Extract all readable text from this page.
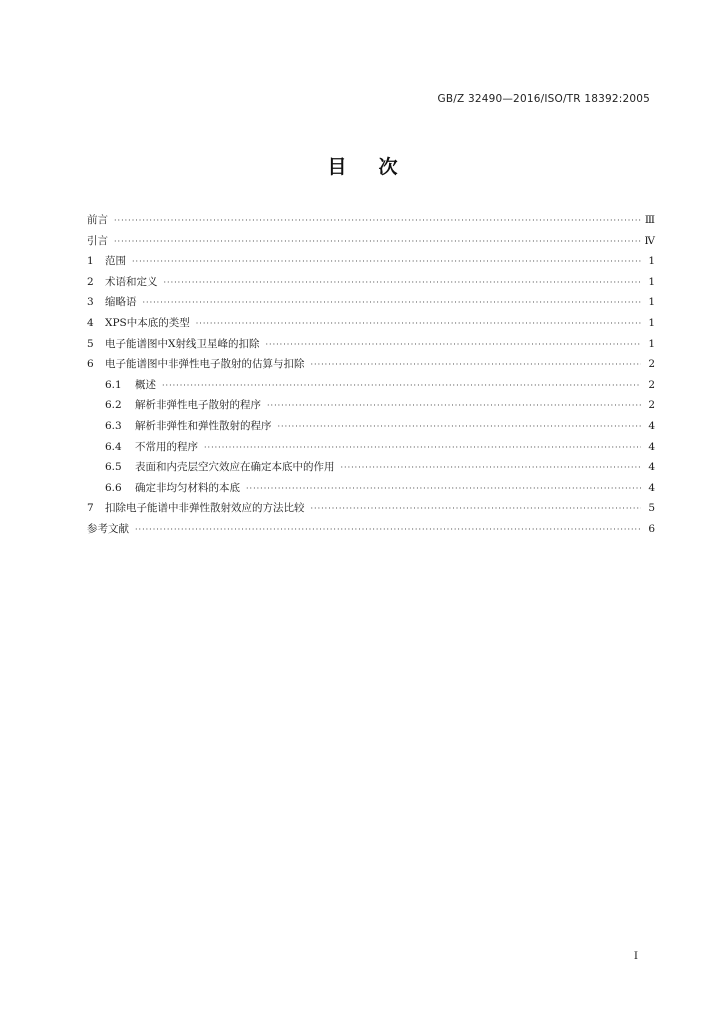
GB/Z 32490—2016/ISO/TR 18392:2005
目次
前言 ·····	Ⅲ
引言 ·····	Ⅳ
1	范围 ·····	1
2	术语和定义 ·····	1
3	缩略语 ·····	1
4	XPS中本底的类型 ·····	1
5	电子能谱图中X射线卫星峰的扣除 ·····	1
6	电子能谱图中非弹性电子散射的估算与扣除 ·····	2
6.1	概述 ·····	2
6.2	解析非弹性电子散射的程序 ·····	2
6.3	解析非弹性和弹性散射的程序 ·····	4
6.4	不常用的程序 ·····	4
6.5	表面和内壳层空穴效应在确定本底中的作用 ·····	4
6.6	确定非均匀材料的本底 ·····	4
7	扣除电子能谱中非弹性散射效应的方法比较 ·····	5
参考文献 ·····	6
I
